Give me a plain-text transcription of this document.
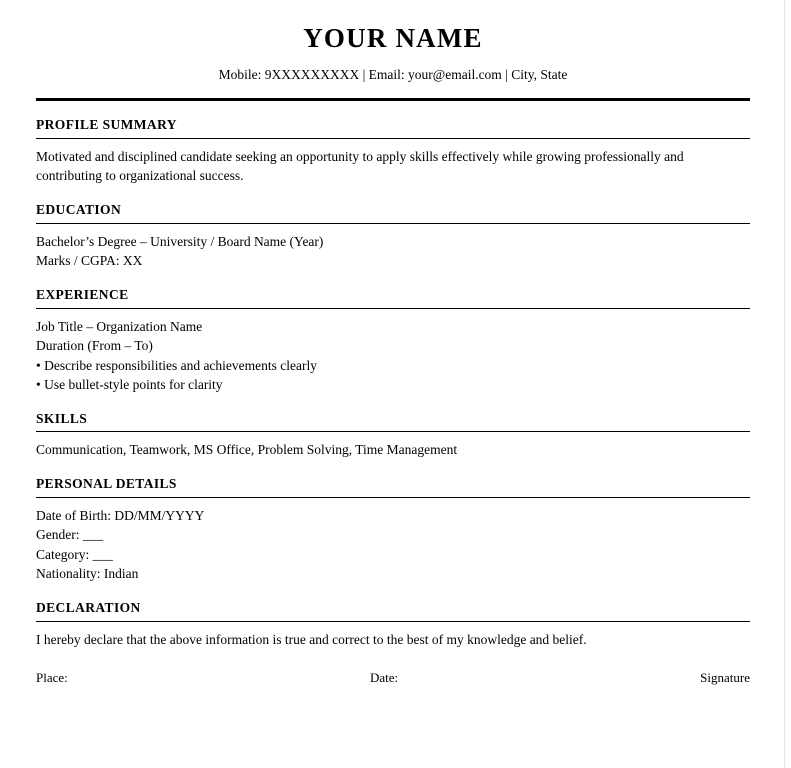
YOUR NAME
Mobile: 9XXXXXXXXX | Email: your@email.com | City, State
PROFILE SUMMARY
Motivated and disciplined candidate seeking an opportunity to apply skills effectively while growing professionally and contributing to organizational success.
EDUCATION
Bachelor’s Degree – University / Board Name (Year)
Marks / CGPA: XX
EXPERIENCE
Job Title – Organization Name
Duration (From – To)
• Describe responsibilities and achievements clearly
• Use bullet-style points for clarity
SKILLS
Communication, Teamwork, MS Office, Problem Solving, Time Management
PERSONAL DETAILS
Date of Birth: DD/MM/YYYY
Gender: ___
Category: ___
Nationality: Indian
DECLARATION
I hereby declare that the above information is true and correct to the best of my knowledge and belief.
Place:	Date:	Signature
